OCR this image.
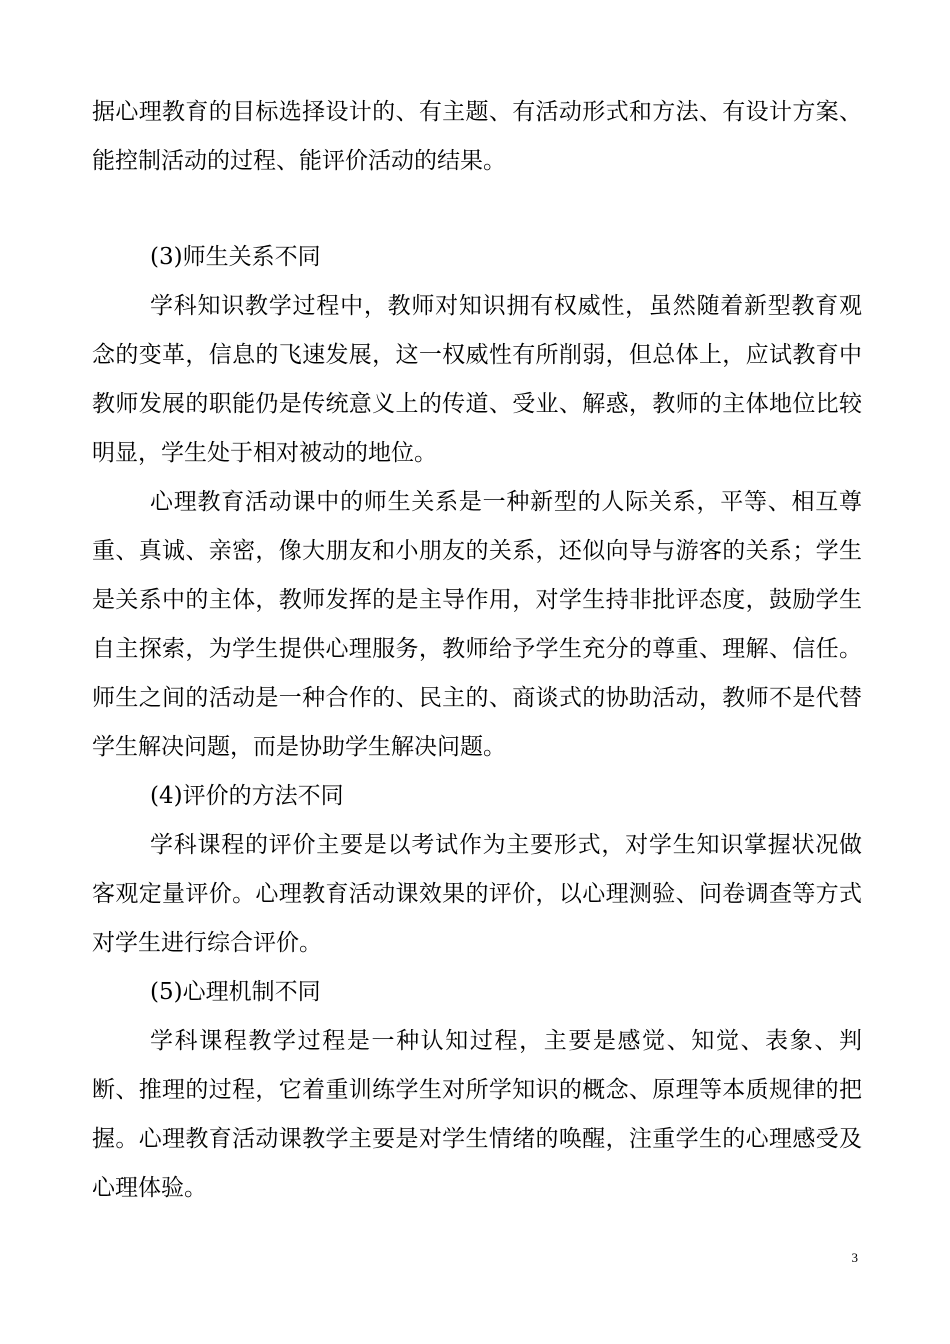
据心理教育的目标选择设计的、有主题、有活动形式和方法、有设计方案、能控制活动的过程、能评价活动的结果。

(3)师生关系不同

学科知识教学过程中，教师对知识拥有权威性，虽然随着新型教育观念的变革，信息的飞速发展，这一权威性有所削弱，但总体上，应试教育中教师发展的职能仍是传统意义上的传道、受业、解惑，教师的主体地位比较明显，学生处于相对被动的地位。

心理教育活动课中的师生关系是一种新型的人际关系，平等、相互尊重、真诚、亲密，像大朋友和小朋友的关系，还似向导与游客的关系；学生是关系中的主体，教师发挥的是主导作用，对学生持非批评态度，鼓励学生自主探索，为学生提供心理服务，教师给予学生充分的尊重、理解、信任。师生之间的活动是一种合作的、民主的、商谈式的协助活动，教师不是代替学生解决问题，而是协助学生解决问题。

(4)评价的方法不同

学科课程的评价主要是以考试作为主要形式，对学生知识掌握状况做客观定量评价。心理教育活动课效果的评价，以心理测验、问卷调查等方式对学生进行综合评价。

(5)心理机制不同

学科课程教学过程是一种认知过程，主要是感觉、知觉、表象、判断、推理的过程，它着重训练学生对所学知识的概念、原理等本质规律的把握。心理教育活动课教学主要是对学生情绪的唤醒，注重学生的心理感受及心理体验。

3
